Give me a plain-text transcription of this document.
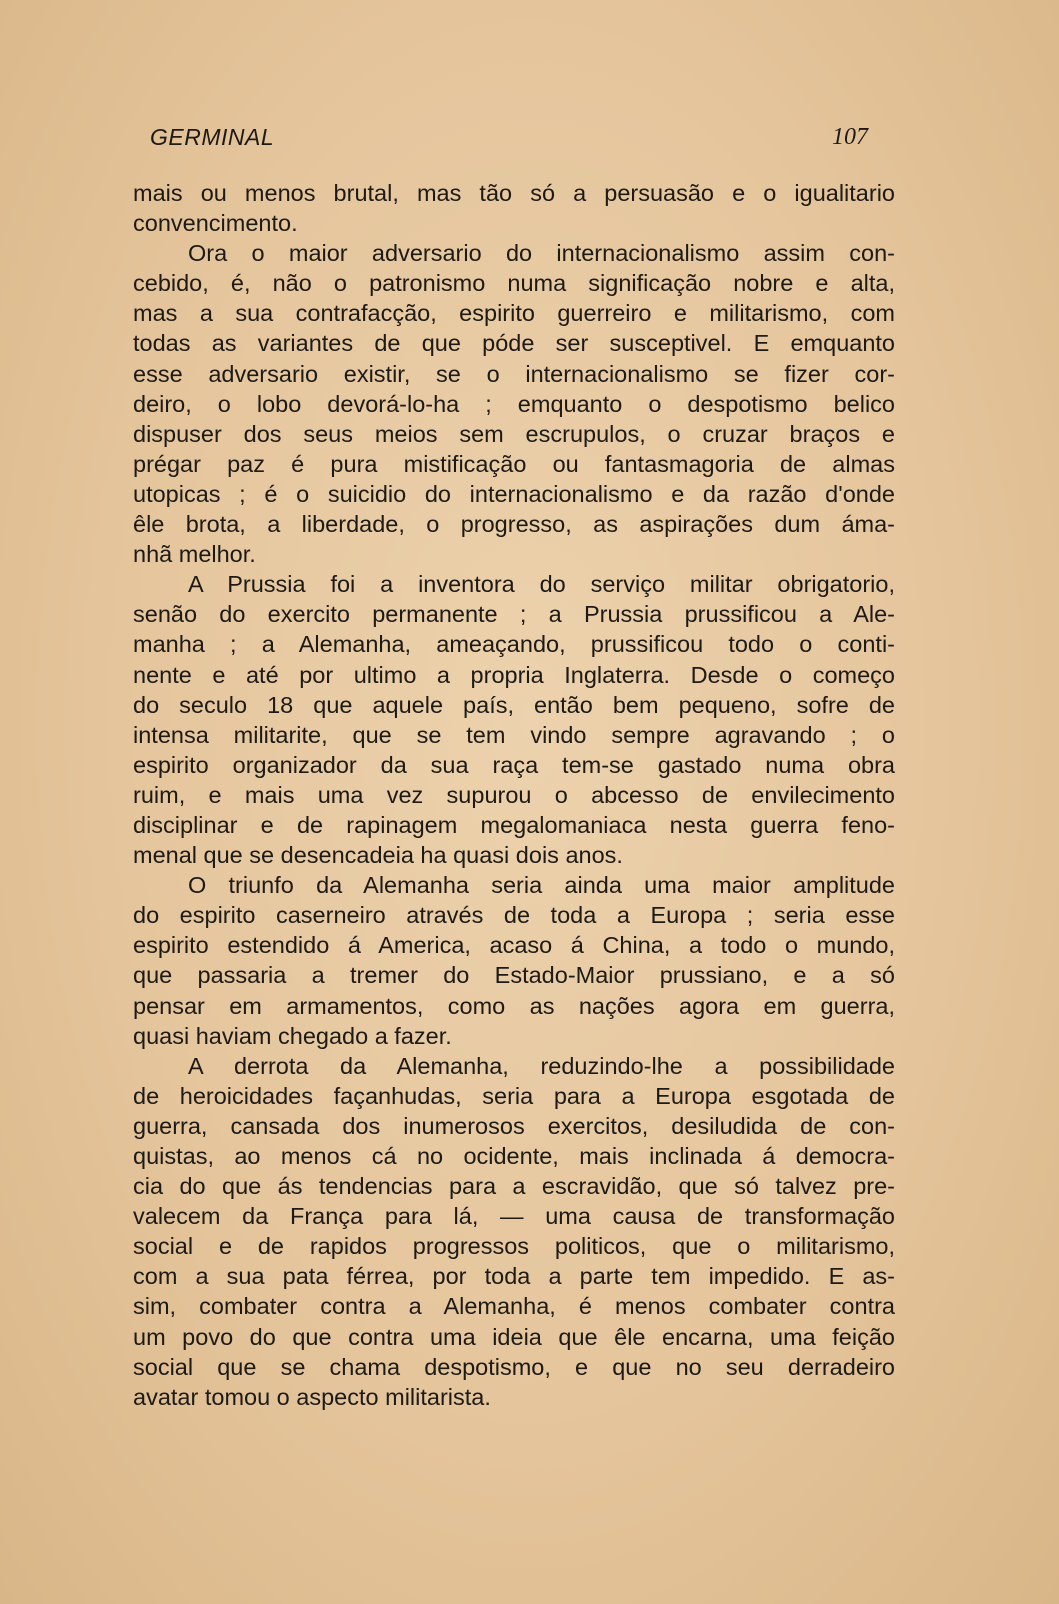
GERMINAL	107
mais ou menos brutal, mas tão só a persuasão e o igualitario
convencimento.
Ora o maior adversario do internacionalismo assim con-
cebido, é, não o patronismo numa significação nobre e alta,
mas a sua contrafacção, espirito guerreiro e militarismo, com
todas as variantes de que póde ser susceptivel. E emquanto
esse adversario existir, se o internacionalismo se fizer cor-
deiro, o lobo devorá-lo-ha ; emquanto o despotismo belico
dispuser dos seus meios sem escrupulos, o cruzar braços e
prégar paz é pura mistificação ou fantasmagoria de almas
utopicas ; é o suicidio do internacionalismo e da razão d'onde
êle brota, a liberdade, o progresso, as aspirações dum áma-
nhã melhor.
A Prussia foi a inventora do serviço militar obrigatorio,
senão do exercito permanente ; a Prussia prussificou a Ale-
manha ; a Alemanha, ameaçando, prussificou todo o conti-
nente e até por ultimo a propria Inglaterra. Desde o começo
do seculo 18 que aquele país, então bem pequeno, sofre de
intensa militarite, que se tem vindo sempre agravando ; o
espirito organizador da sua raça tem-se gastado numa obra
ruim, e mais uma vez supurou o abcesso de envilecimento
disciplinar e de rapinagem megalomaniaca nesta guerra feno-
menal que se desencadeia ha quasi dois anos.
O triunfo da Alemanha seria ainda uma maior amplitude
do espirito caserneiro através de toda a Europa ; seria esse
espirito estendido á America, acaso á China, a todo o mundo,
que passaria a tremer do Estado-Maior prussiano, e a só
pensar em armamentos, como as nações agora em guerra,
quasi haviam chegado a fazer.
A derrota da Alemanha, reduzindo-lhe a possibilidade
de heroicidades façanhudas, seria para a Europa esgotada de
guerra, cansada dos inumerosos exercitos, desiludida de con-
quistas, ao menos cá no ocidente, mais inclinada á democra-
cia do que ás tendencias para a escravidão, que só talvez pre-
valecem da França para lá, — uma causa de transformação
social e de rapidos progressos politicos, que o militarismo,
com a sua pata férrea, por toda a parte tem impedido. E as-
sim, combater contra a Alemanha, é menos combater contra
um povo do que contra uma ideia que êle encarna, uma feição
social que se chama despotismo, e que no seu derradeiro
avatar tomou o aspecto militarista.
